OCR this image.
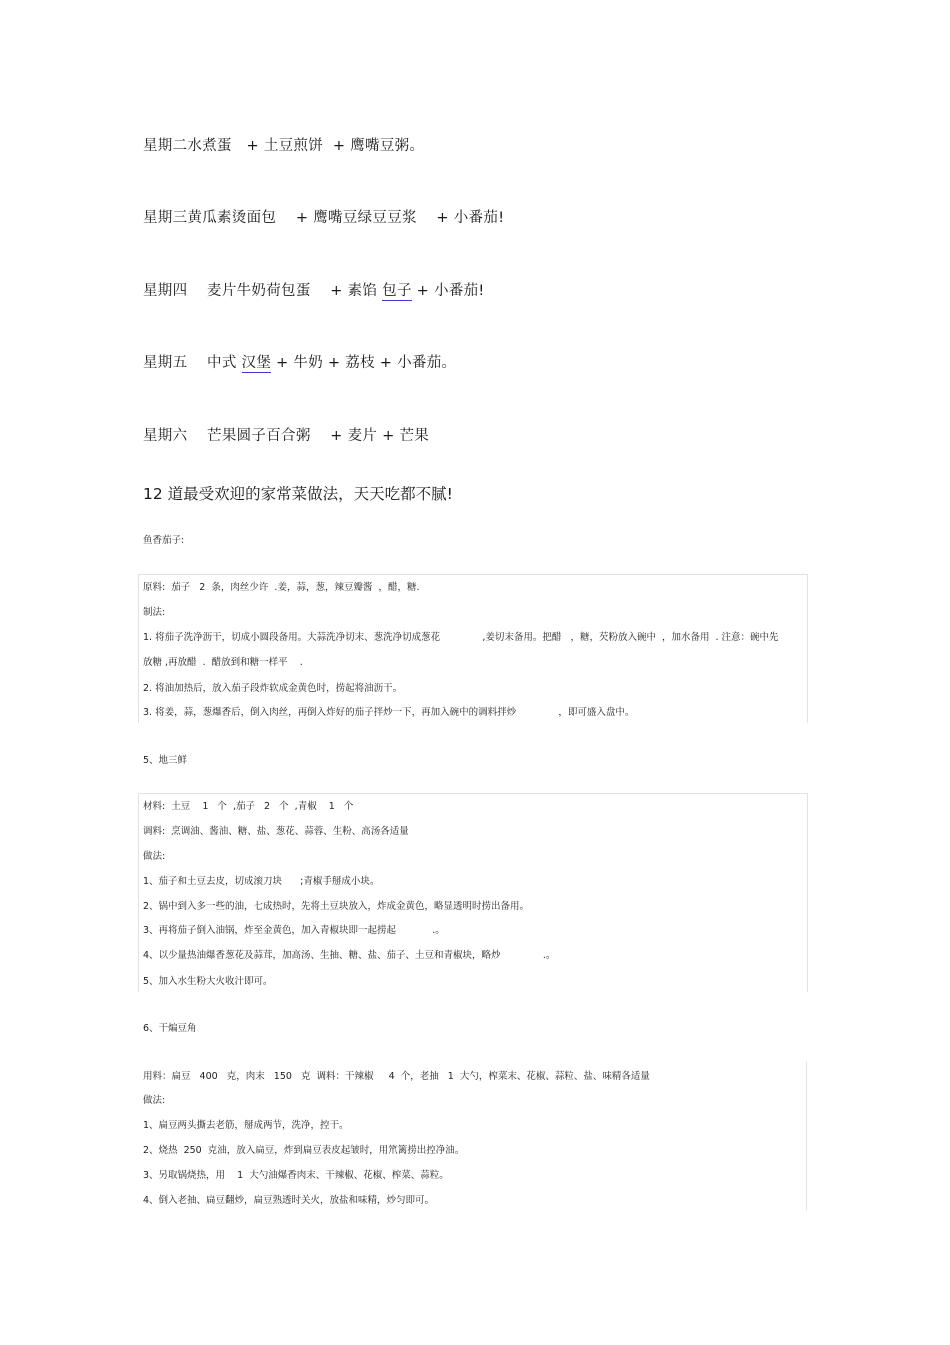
星期二水煮蛋   + 土豆煎饼  + 鹰嘴豆粥。
星期三黄瓜素烫面包    + 鹰嘴豆绿豆豆浆    + 小番茄!
星期四    麦片牛奶荷包蛋    + 素馅 包子 + 小番茄!
星期五    中式 汉堡 + 牛奶 + 荔枝 + 小番茄。
星期六    芒果圆子百合粥    + 麦片 + 芒果
12 道最受欢迎的家常菜做法，天天吃都不腻!
鱼香茄子:
原料:  茄子   2  条，肉丝少许  .姜，蒜，葱，辣豆瓣酱  ，醋，糖.
制法:
1. 将茄子洗净沥干，切成小圆段备用。大蒜洗净切末、葱洗净切成葱花              ,姜切末备用。把醋   ，糖，芡粉放入碗中  ，加水备用  . 注意：碗中先
放糖 ,再放醋  .  醋放到和糖一样平    .
2. 将油加热后，放入茄子段炸软成金黄色时，捞起将油沥干。
3. 将姜，蒜，葱爆香后，倒入肉丝，再倒入炸好的茄子拌炒一下，再加入碗中的调料拌炒              ，即可盛入盘中。
5、地三鲜
材料:  土豆    1   个  ,茄子   2   个  ,青椒    1   个
调料:  烹调油、酱油、糖、盐、葱花、蒜蓉、生粉、高汤各适量
做法:
1、茄子和土豆去皮，切成滚刀块      ;青椒手掰成小块。
2、锅中到入多一些的油，七成热时，先将土豆块放入，炸成金黄色，略显透明时捞出备用。
3、再将茄子倒入油锅，炸至金黄色，加入青椒块即一起捞起            .。
4、以少量热油爆香葱花及蒜茸，加高汤、生抽、糖、盐、茄子、土豆和青椒块，略炒              .。
5、加入水生粉大火收汁即可。
6、干煸豆角
用料：扁豆   400   克，肉末   150   克  调料：干辣椒     4  个，老抽   1  大勺，榨菜末、花椒、蒜粒、盐、味精各适量
做法:
1、扁豆两头撕去老筋，掰成两节，洗净，控干。
2、烧热  250  克油，放入扁豆，炸到扁豆表皮起皱时，用笊篱捞出控净油。
3、另取锅烧热，用    1  大勺油爆香肉末、干辣椒、花椒、榨菜、蒜粒。
4、倒入老抽、扁豆翻炒，扁豆熟透时关火，放盐和味精，炒匀即可。
